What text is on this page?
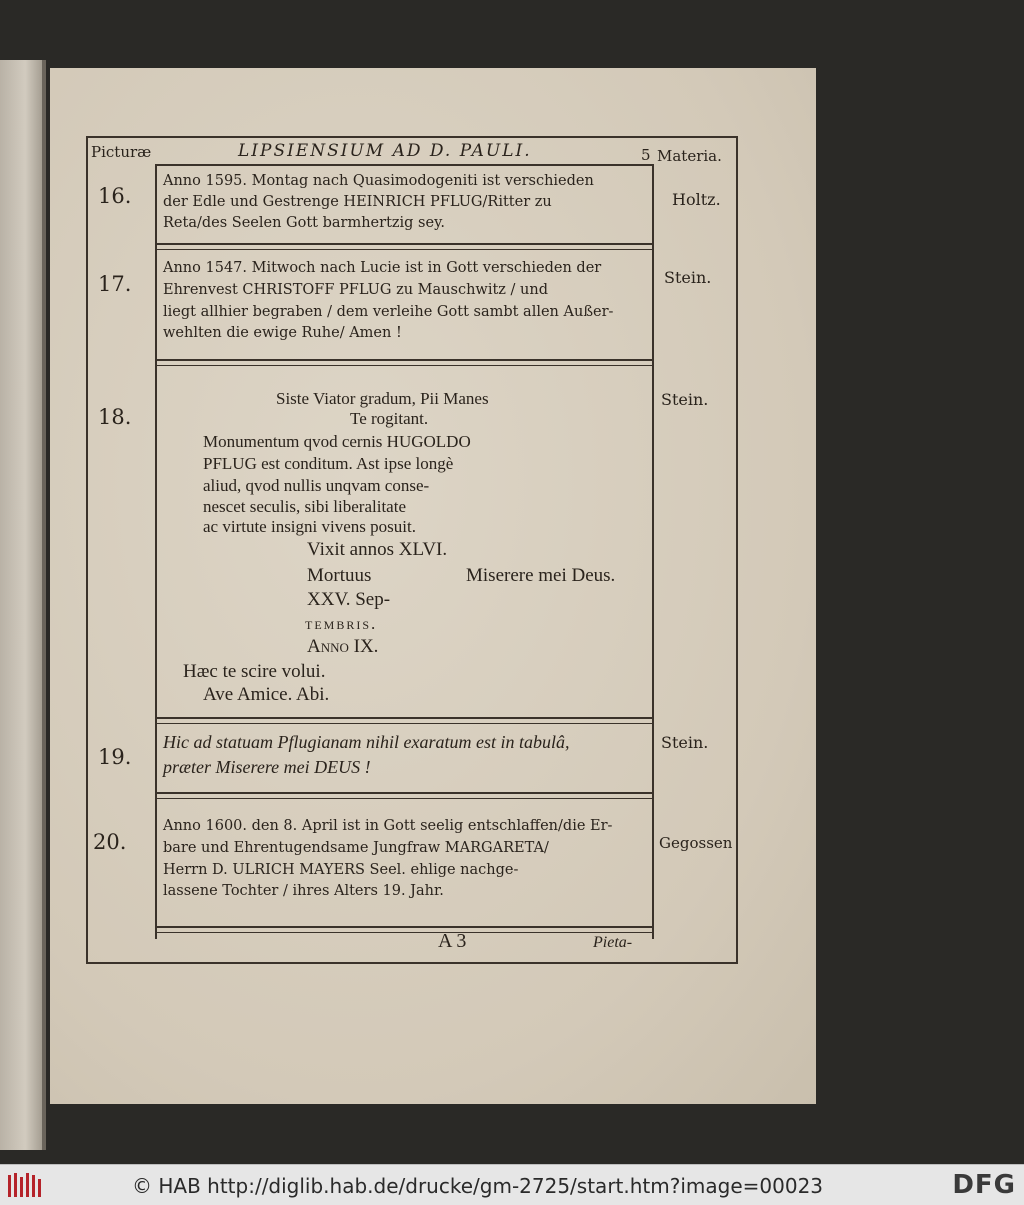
Picturæ	LIPSIENSIUM AD D. PAULI.	5 Materia.
16.
Anno 1595. Montag nach Quasimodogeniti ist verschieden
der Edle und Gestrenge HEINRICH PFLUG/Ritter zu
Reta/des Seelen Gott barmhertzig sey.
Holtz.
17.
Anno 1547. Mitwoch nach Lucie ist in Gott verschieden der
Ehrenvest CHRISTOFF PFLUG zu Mauschwitz / und
liegt allhier begraben / dem verleihe Gott sambt allen Außer-
wehlten die ewige Ruhe/ Amen !
Stein.
18.
Siste Viator gradum, Pii Manes
Te rogitant.
Monumentum qvod cernis HUGOLDO
PFLUG est conditum. Ast ipse longè
aliud, qvod nullis unqvam conse-
nescet seculis, sibi liberalitate
ac virtute insigni vivens posuit.
Vixit annos XLVI.
Mortuus	Miserere mei Deus.
XXV. Sep-
tembris.
Anno IX.
Hæc te scire volui.
Ave Amice. Abi.
Stein.
19.
Hic ad statuam Pflugianam nihil exaratum est in tabulâ,
præter Miserere mei DEUS !
Stein.
20.
Anno 1600. den 8. April ist in Gott seelig entschlaffen/die Er-
bare und Ehrentugendsame Jungfraw MARGARETA/
Herrn D. ULRICH MAYERS Seel. ehlige nachge-
lassene Tochter / ihres Alters 19. Jahr.
Gegossen
A 3	Pieta-
© HAB http://diglib.hab.de/drucke/gm-2725/start.htm?image=00023	DFG
